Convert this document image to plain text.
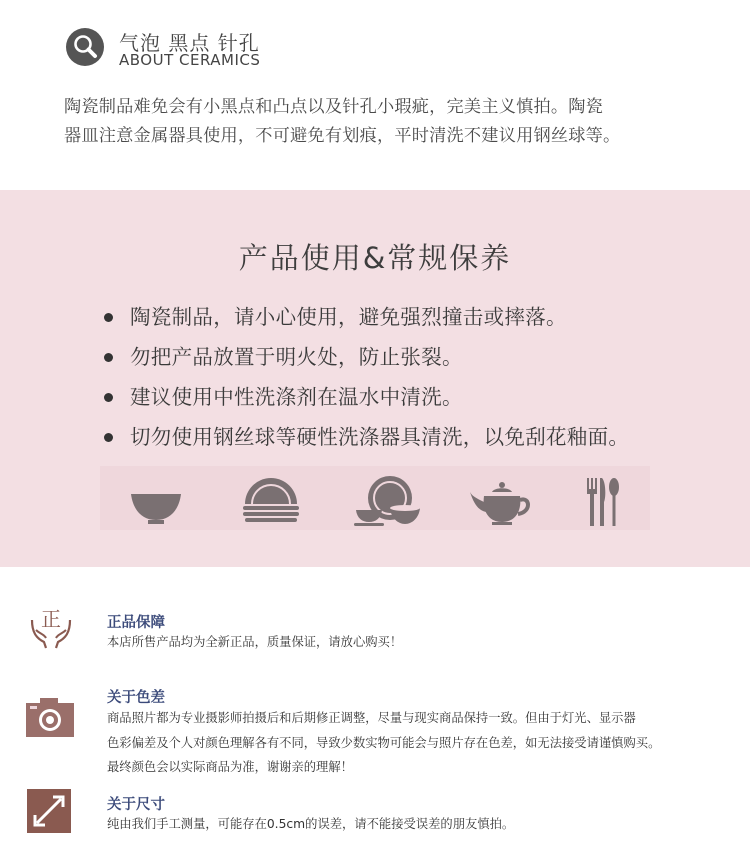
气泡 黑点 针孔
ABOUT CERAMICS
陶瓷制品难免会有小黑点和凸点以及针孔小瑕疵，完美主义慎拍。陶瓷
器皿注意金属器具使用，不可避免有划痕，平时清洗不建议用钢丝球等。
产品使用&常规保养
陶瓷制品，请小心使用，避免强烈撞击或摔落。
勿把产品放置于明火处，防止张裂。
建议使用中性洗涤剂在温水中清洗。
切勿使用钢丝球等硬性洗涤器具清洗，以免刮花釉面。
正	正品保障
本店所售产品均为全新正品，质量保证，请放心购买！
关于色差
商品照片都为专业摄影师拍摄后和后期修正调整，尽量与现实商品保持一致。但由于灯光、显示器
色彩偏差及个人对颜色理解各有不同，导致少数实物可能会与照片存在色差，如无法接受请谨慎购买。
最终颜色会以实际商品为准，谢谢亲的理解！
关于尺寸
纯由我们手工测量，可能存在0.5cm的误差，请不能接受误差的朋友慎拍。
